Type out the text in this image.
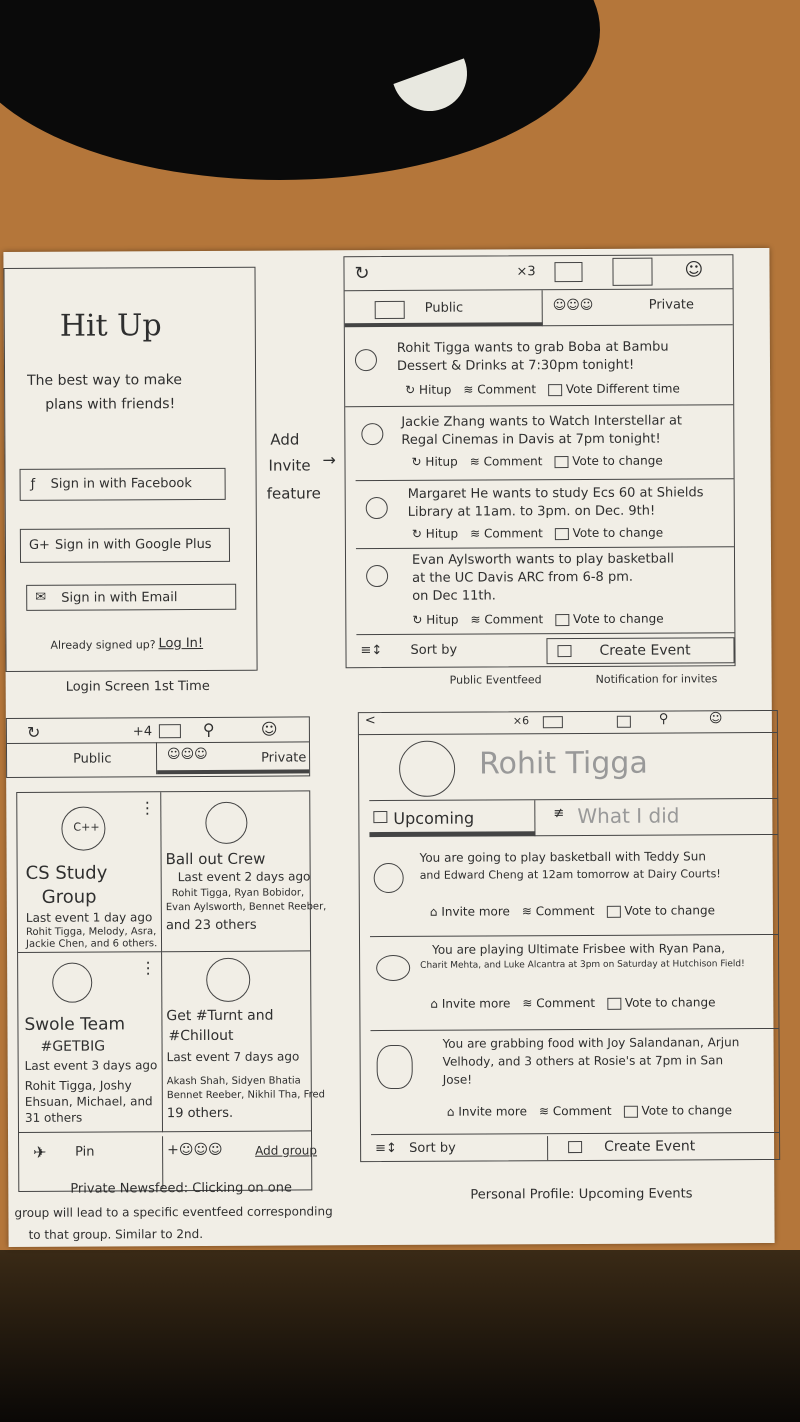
Hit Up
The best way to make
plans with friends!
ƒ Sign in with Facebook
G+ Sign in with Google Plus
✉ Sign in with Email
Already signed up? Log In!
Login Screen 1st Time
Add
Invite
feature
→
↻	×3	☺
Public	☺☺☺	Private
Rohit Tigga wants to grab Boba at Bambu
Dessert & Drinks at 7:30pm tonight!
↻ Hitup ≋ Comment	Vote Different time
Jackie Zhang wants to Watch Interstellar at
Regal Cinemas in Davis at 7pm tonight!
↻ Hitup ≋ Comment	Vote to change
Margaret He wants to study Ecs 60 at Shields
Library at 11am. to 3pm. on Dec. 9th!
↻ Hitup ≋ Comment	Vote to change
Evan Aylsworth wants to play basketball
at the UC Davis ARC from 6-8 pm.
on Dec 11th.
↻ Hitup ≋ Comment	Vote to change
≡↕ Sort by	Create Event
Public Eventfeed	Notification for invites
↻	+4	⚲	☺
Public	☺☺☺	Private
C++
CS Study
Group
Last event 1 day ago
Rohit Tigga, Melody, Asra,
Jackie Chen, and 6 others.
⋮
Ball out Crew
Last event 2 days ago
Rohit Tigga, Ryan Bobidor,
Evan Aylsworth, Bennet Reeber,
and 23 others
Swole Team
#GETBIG
Last event 3 days ago
Rohit Tigga, Joshy
Ehsuan, Michael, and
31 others
⋮
Get #Turnt and
#Chillout
Last event 7 days ago
Akash Shah, Sidyen Bhatia
Bennet Reeber, Nikhil Tha, Fred
19 others.
✈ Pin	+☺☺☺	Add group
Private Newsfeed: Clicking on one
group will lead to a specific eventfeed corresponding
to that group. Similar to 2nd.
<	×6	⚲	☺
Rohit Tigga
Upcoming	≢ What I did
You are going to play basketball with Teddy Sun
and Edward Cheng at 12am tomorrow at Dairy Courts!
⌂ Invite more ≋ Comment	Vote to change
You are playing Ultimate Frisbee with Ryan Pana,
Charit Mehta, and Luke Alcantra at 3pm on Saturday at Hutchison Field!
⌂ Invite more ≋ Comment	Vote to change
You are grabbing food with Joy Salandanan, Arjun
Velhody, and 3 others at Rosie's at 7pm in San
Jose!
⌂ Invite more ≋ Comment	Vote to change
≡↕ Sort by	Create Event
Personal Profile: Upcoming Events
